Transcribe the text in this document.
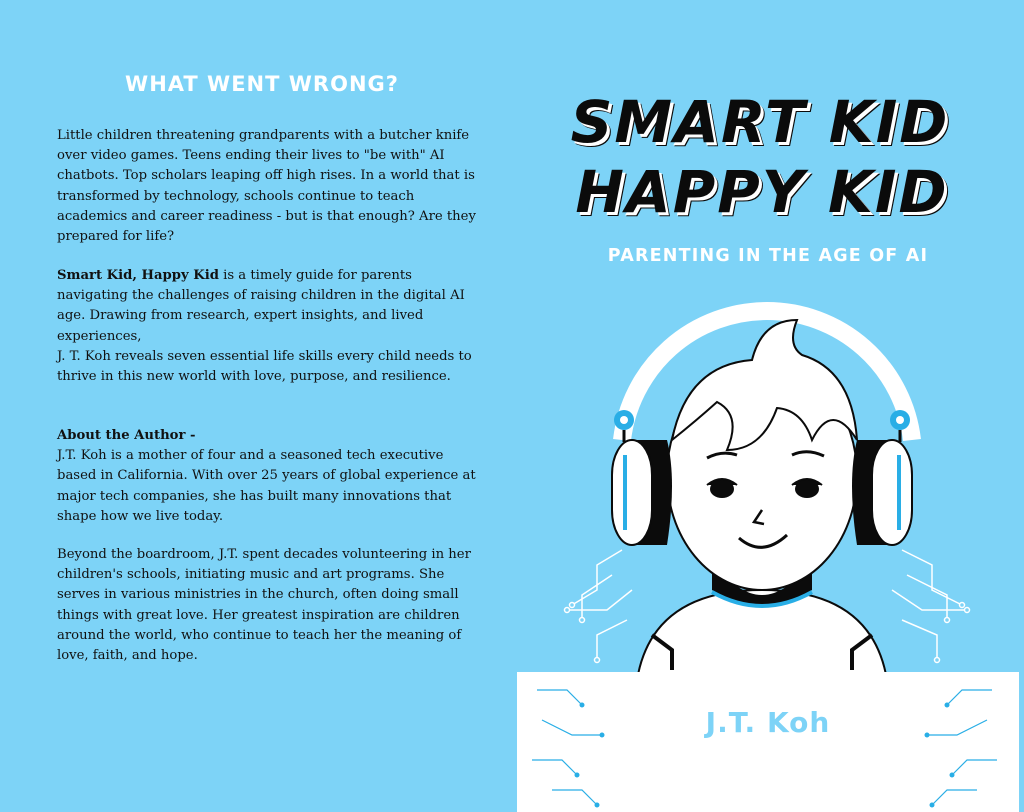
WHAT WENT WRONG?

Little children threatening grandparents with a butcher knife over video games. Teens ending their lives to "be with" AI chatbots. Top scholars leaping off high rises. In a world that is transformed by technology, schools continue to teach academics and career readiness - but is that enough? Are they prepared for life?

Smart Kid, Happy Kid is a timely guide for parents navigating the challenges of raising children in the digital AI age. Drawing from research, expert insights, and lived experiences,
J. T. Koh reveals seven essential life skills every child needs to thrive in this new world with love, purpose, and resilience.

About the Author -
J.T. Koh is a mother of four and a seasoned tech executive based in California. With over 25 years of global experience at major tech companies, she has built many innovations that shape how we live today.

Beyond the boardroom, J.T. spent decades volunteering in her children's schools, initiating music and art programs. She serves in various ministries in the church, often doing small things with great love. Her greatest inspiration are children around the world, who continue to teach her the meaning of love, faith, and hope.

SMART KID
HAPPY KID
PARENTING IN THE AGE OF AI
J.T. Koh
